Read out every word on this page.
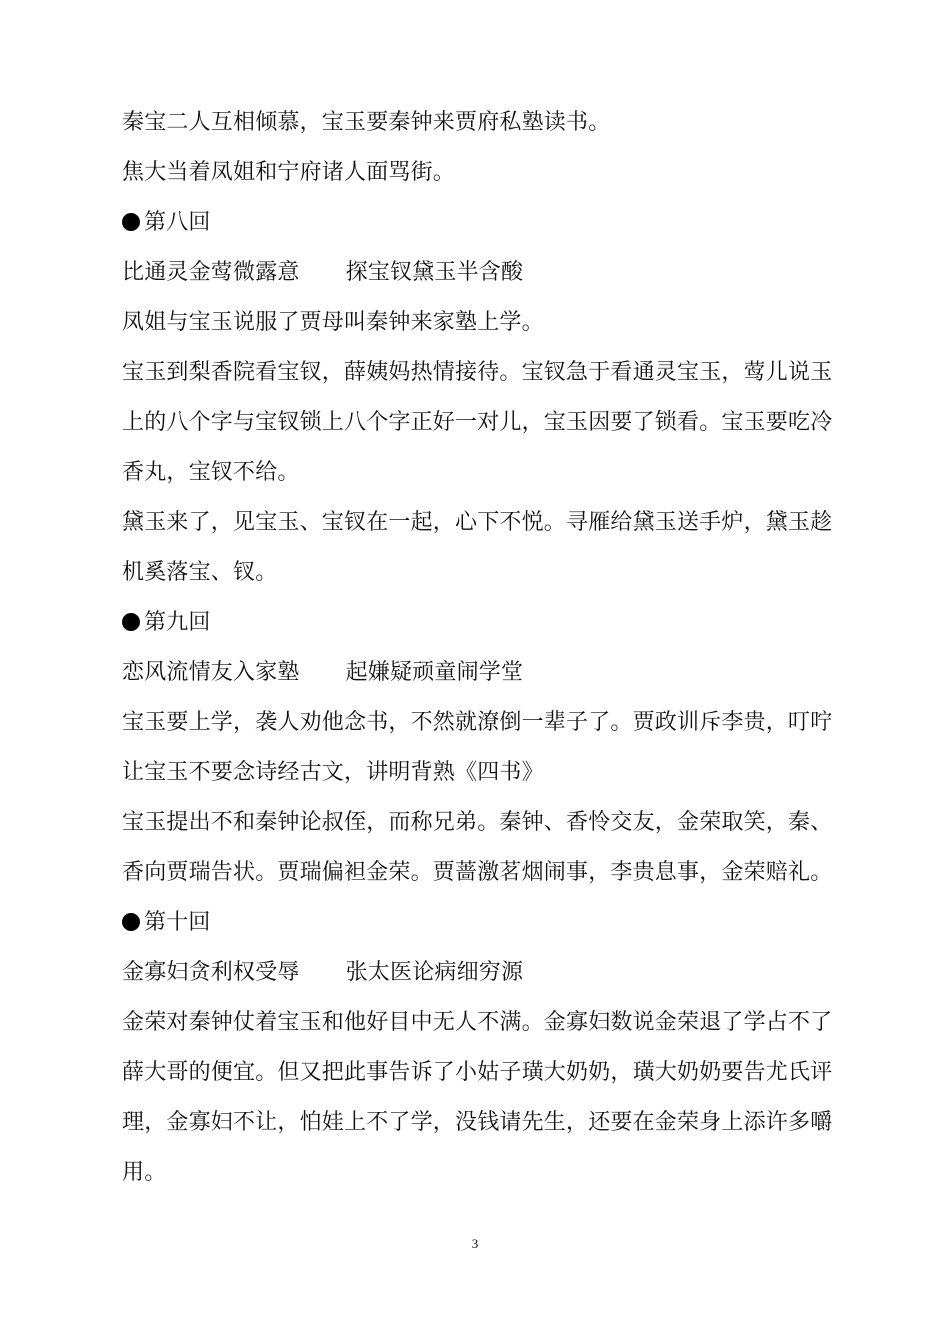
秦宝二人互相倾慕，宝玉要秦钟来贾府私塾读书。
焦大当着凤姐和宁府诸人面骂街。
第八回
比通灵金莺微露意 探宝钗黛玉半含酸
凤姐与宝玉说服了贾母叫秦钟来家塾上学。
宝玉到梨香院看宝钗，薛姨妈热情接待。宝钗急于看通灵宝玉，莺儿说玉
上的八个字与宝钗锁上八个字正好一对儿，宝玉因要了锁看。宝玉要吃冷
香丸，宝钗不给。
黛玉来了，见宝玉、宝钗在一起，心下不悦。寻雁给黛玉送手炉，黛玉趁
机奚落宝、钗。
第九回
恋风流情友入家塾 起嫌疑顽童闹学堂
宝玉要上学，袭人劝他念书，不然就潦倒一辈子了。贾政训斥李贵，叮咛
让宝玉不要念诗经古文，讲明背熟《四书》
宝玉提出不和秦钟论叔侄，而称兄弟。秦钟、香怜交友，金荣取笑，秦、
香向贾瑞告状。贾瑞偏袒金荣。贾蔷激茗烟闹事，李贵息事，金荣赔礼。
第十回
金寡妇贪利权受辱 张太医论病细穷源
金荣对秦钟仗着宝玉和他好目中无人不满。金寡妇数说金荣退了学占不了
薛大哥的便宜。但又把此事告诉了小姑子璜大奶奶，璜大奶奶要告尤氏评
理，金寡妇不让，怕娃上不了学，没钱请先生，还要在金荣身上添许多嚼
用。
3
